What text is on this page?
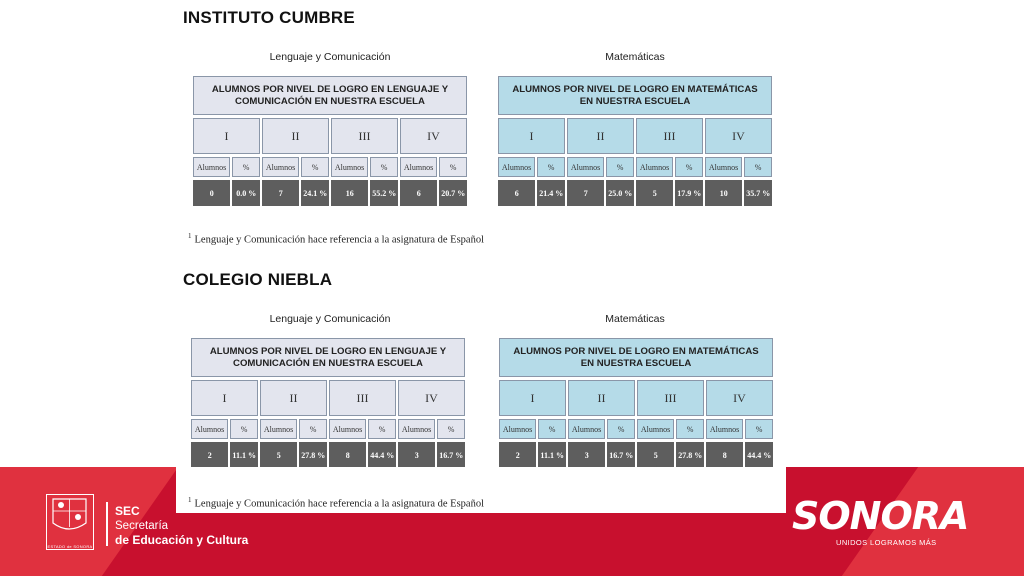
INSTITUTO CUMBRE
Lenguaje y Comunicación	Matemáticas
ALUMNOS POR NIVEL DE LOGRO EN LENGUAJE Y COMUNICACIÓN EN NUESTRA ESCUELA
I	II	III	IV
Alumnos	%	Alumnos	%	Alumnos	%	Alumnos	%
0	0.0 %	7	24.1 %	16	55.2 %	6	20.7 %
ALUMNOS POR NIVEL DE LOGRO EN MATEMÁTICAS EN NUESTRA ESCUELA
I	II	III	IV
Alumnos	%	Alumnos	%	Alumnos	%	Alumnos	%
6	21.4 %	7	25.0 %	5	17.9 %	10	35.7 %
$^1$ Lenguaje y Comunicación hace referencia a la asignatura de Español
COLEGIO NIEBLA
Lenguaje y Comunicación	Matemáticas
ALUMNOS POR NIVEL DE LOGRO EN LENGUAJE Y COMUNICACIÓN EN NUESTRA ESCUELA
I	II	III	IV
Alumnos	%	Alumnos	%	Alumnos	%	Alumnos	%
2	11.1 %	5	27.8 %	8	44.4 %	3	16.7 %
ALUMNOS POR NIVEL DE LOGRO EN MATEMÁTICAS EN NUESTRA ESCUELA
I	II	III	IV
Alumnos	%	Alumnos	%	Alumnos	%	Alumnos	%
2	11.1 %	3	16.7 %	5	27.8 %	8	44.4 %
$^1$ Lenguaje y Comunicación hace referencia a la asignatura de Español
ESTADO de SONORA
SEC
Secretaría
de Educación y Cultura
SONORA
UNIDOS LOGRAMOS MÁS
